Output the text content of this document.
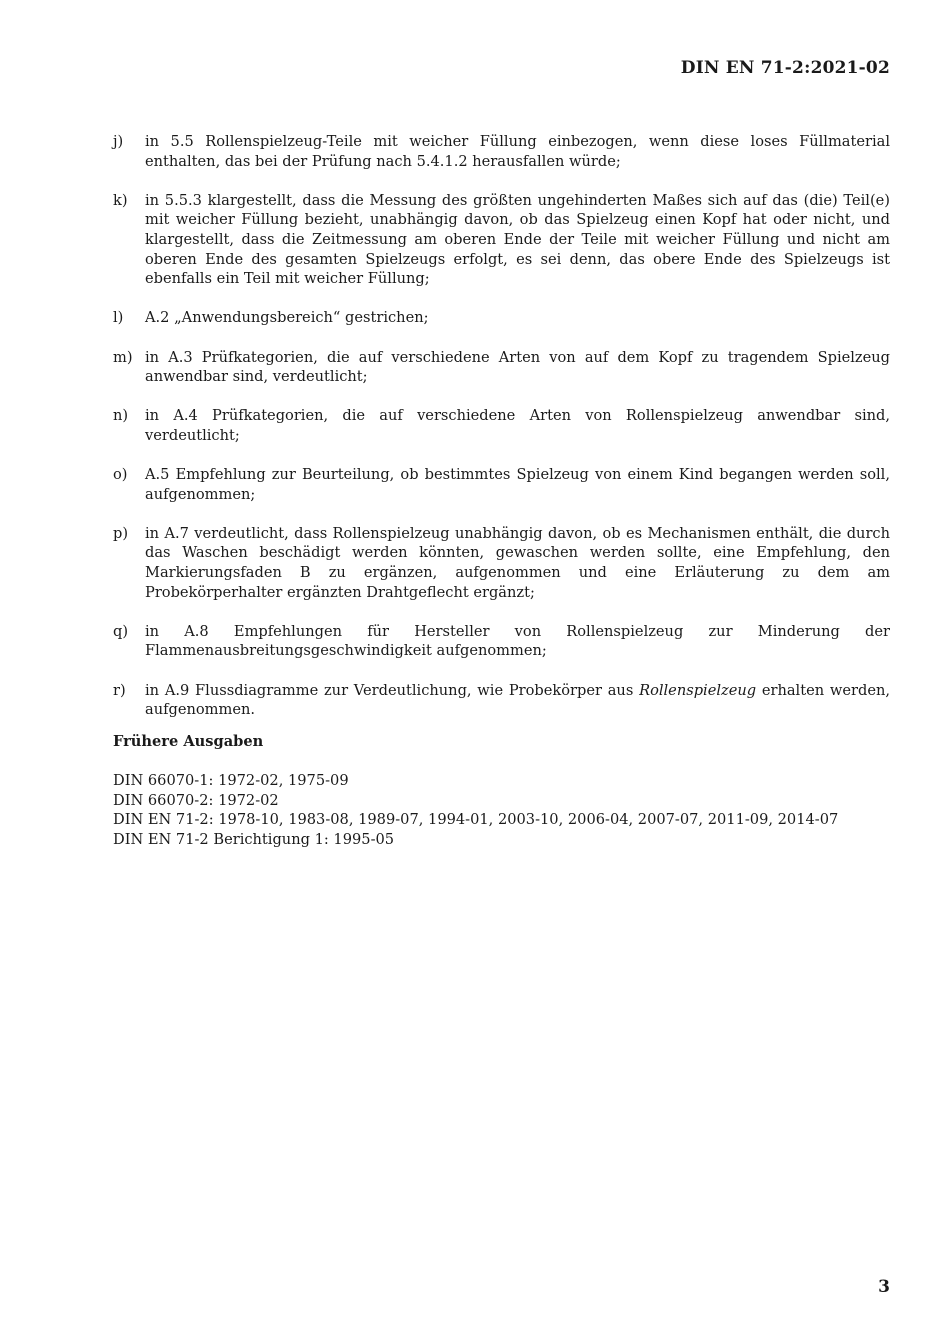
DIN EN 71-2:2021-02
j)	in 5.5 Rollenspielzeug-Teile mit weicher Füllung einbezogen, wenn diese loses Füllmaterial enthalten, das bei der Prüfung nach 5.4.1.2 herausfallen würde;
k)	in 5.5.3 klargestellt, dass die Messung des größten ungehinderten Maßes sich auf das (die) Teil(e) mit weicher Füllung bezieht, unabhängig davon, ob das Spielzeug einen Kopf hat oder nicht, und klargestellt, dass die Zeitmessung am oberen Ende der Teile mit weicher Füllung und nicht am oberen Ende des gesamten Spielzeugs erfolgt, es sei denn, das obere Ende des Spielzeugs ist ebenfalls ein Teil mit weicher Füllung;
l)	A.2 „Anwendungsbereich“ gestrichen;
m) in A.3 Prüfkategorien, die auf verschiedene Arten von auf dem Kopf zu tragendem Spielzeug anwendbar sind, verdeutlicht;
n)	in A.4 Prüfkategorien, die auf verschiedene Arten von Rollenspielzeug anwendbar sind, verdeutlicht;
o)	A.5 Empfehlung zur Beurteilung, ob bestimmtes Spielzeug von einem Kind begangen werden soll, aufgenommen;
p)	in A.7 verdeutlicht, dass Rollenspielzeug unabhängig davon, ob es Mechanismen enthält, die durch das Waschen beschädigt werden könnten, gewaschen werden sollte, eine Empfehlung, den Markierungsfaden B zu ergänzen, aufgenommen und eine Erläuterung zu dem am Probekörperhalter ergänzten Drahtgeflecht ergänzt;
q)	in A.8 Empfehlungen für Hersteller von Rollenspielzeug zur Minderung der Flammenausbreitungsgeschwindigkeit aufgenommen;
r)	in A.9 Flussdiagramme zur Verdeutlichung, wie Probekörper aus Rollenspielzeug erhalten werden, aufgenommen.
Frühere Ausgaben
DIN 66070-1: 1972-02, 1975-09
DIN 66070-2: 1972-02
DIN EN 71-2: 1978-10, 1983-08, 1989-07, 1994-01, 2003-10, 2006-04, 2007-07, 2011-09, 2014-07
DIN EN 71-2 Berichtigung 1: 1995-05
3
